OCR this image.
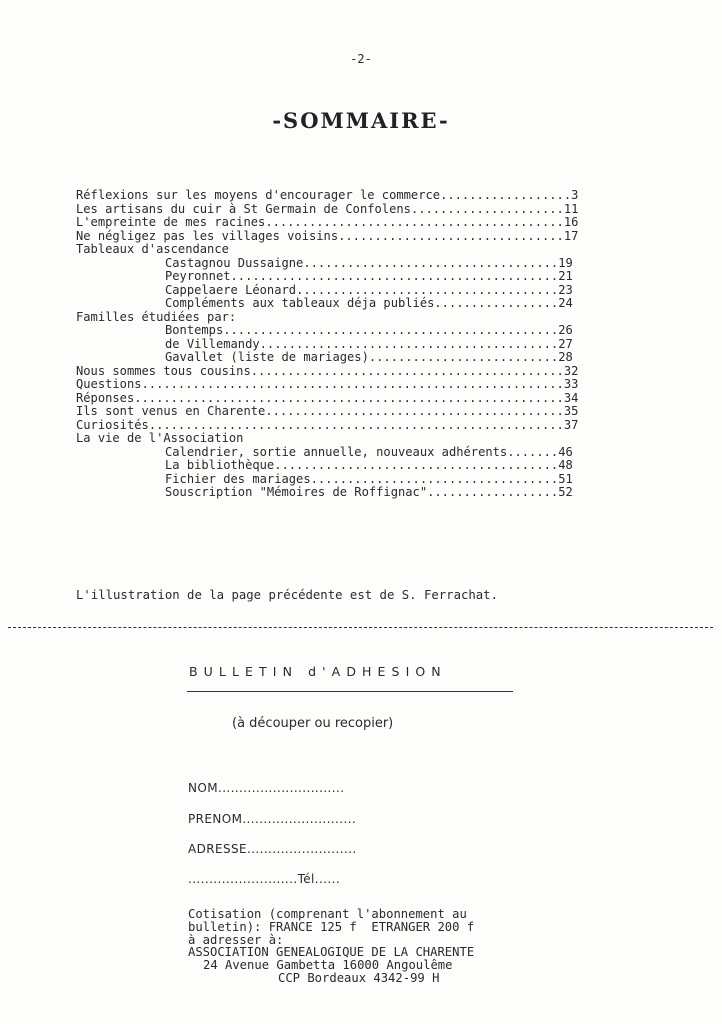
-2-
-SOMMAIRE-
Réflexions sur les moyens d'encourager le commerce..................3
Les artisans du cuir à St Germain de Confolens.....................11
L'empreinte de mes racines.........................................16
Ne négligez pas les villages voisins...............................17
Tableaux d'ascendance
Castagnou Dussaigne...................................19
Peyronnet.............................................21
Cappelaere Léonard....................................23
Compléments aux tableaux déja publiés.................24
Familles étudiées par:
Bontemps..............................................26
de Villemandy.........................................27
Gavallet (liste de mariages)..........................28
Nous sommes tous cousins...........................................32
Questions..........................................................33
Réponses...........................................................34
Ils sont venus en Charente.........................................35
Curiosités.........................................................37
La vie de l'Association
Calendrier, sortie annuelle, nouveaux adhérents.......46
La bibliothèque.......................................48
Fichier des mariages..................................51
Souscription "Mémoires de Roffignac"..................52
L'illustration de la page précédente est de S. Ferrachat.
BULLETIN d'ADHESION
(à découper ou recopier)
NOM..............................
PRENOM...........................
ADRESSE..........................
..........................Tél......
Cotisation (comprenant l'abonnement au
bulletin): FRANCE 125 f  ETRANGER 200 f
à adresser à:
ASSOCIATION GENEALOGIQUE DE LA CHARENTE
24 Avenue Gambetta 16000 Angoulême
CCP Bordeaux 4342-99 H
